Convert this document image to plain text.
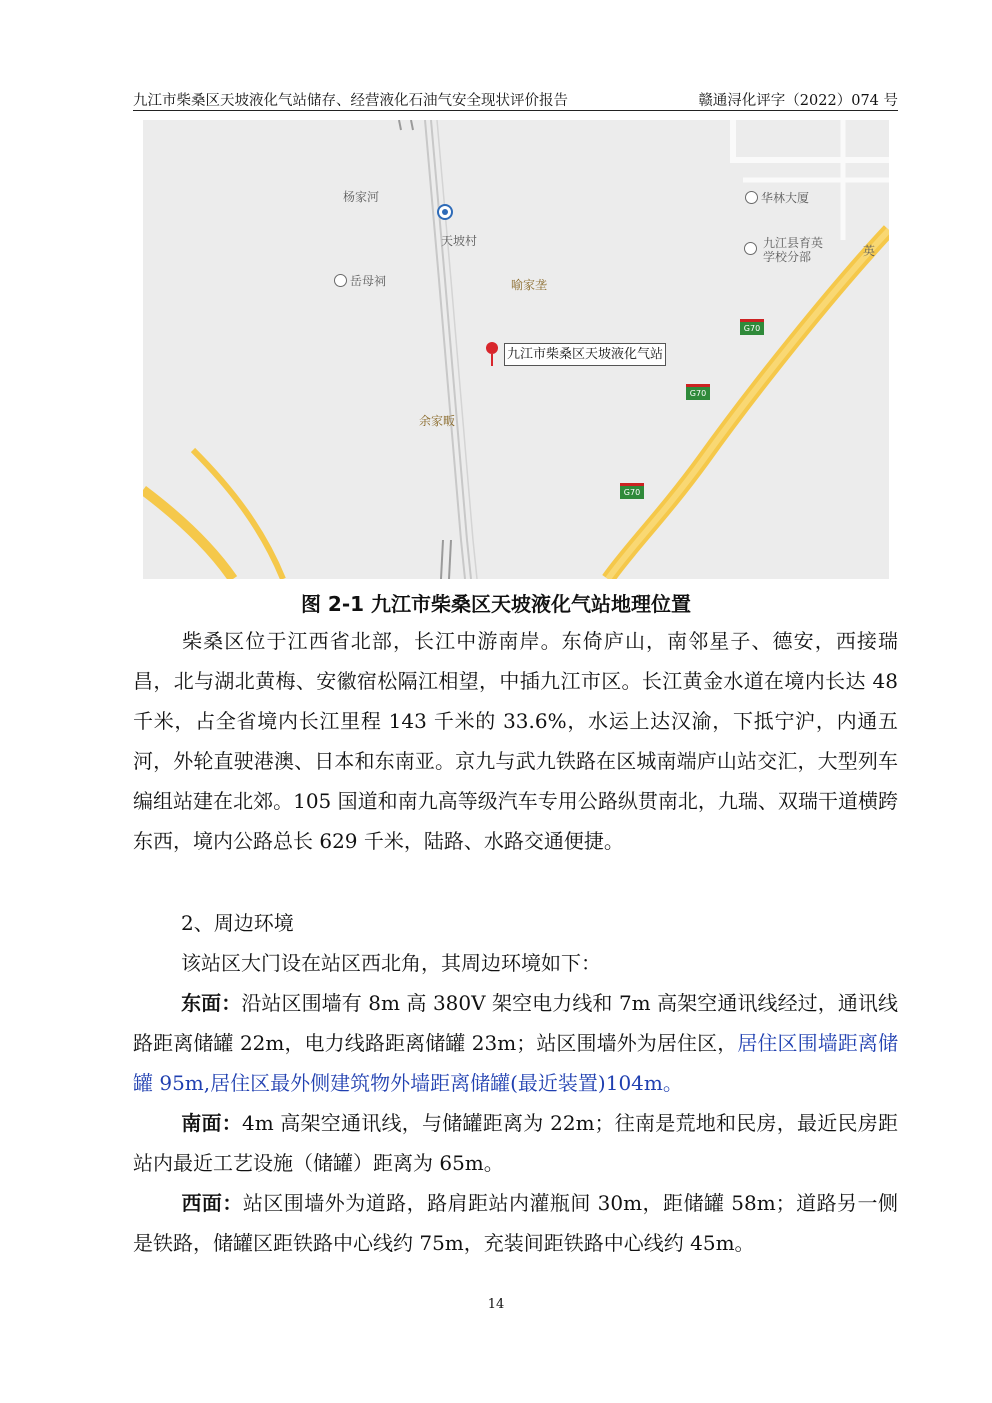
九江市柴桑区天坡液化气站储存、经营液化石油气安全现状评价报告	赣通浔化评字（2022）074 号
杨家河
天坡村
岳母祠	喻家垄
余家畈
华林大厦
九江县育英
学校分部	英
九江市柴桑区天坡液化气站
G70
G70
G70
图 2-1 九江市柴桑区天坡液化气站地理位置
柴桑区位于江西省北部，长江中游南岸。东倚庐山，南邻星子、德安，西接瑞昌，北与湖北黄梅、安徽宿松隔江相望，中插九江市区。长江黄金水道在境内长达 48 千米，占全省境内长江里程 143 千米的 33.6%，水运上达汉渝，下抵宁沪，内通五河，外轮直驶港澳、日本和东南亚。京九与武九铁路在区城南端庐山站交汇，大型列车编组站建在北郊。105 国道和南九高等级汽车专用公路纵贯南北，九瑞、双瑞干道横跨东西，境内公路总长 629 千米，陆路、水路交通便捷。
2、周边环境
该站区大门设在站区西北角，其周边环境如下：
东面：沿站区围墙有 8m 高 380V 架空电力线和 7m 高架空通讯线经过，通讯线路距离储罐 22m，电力线路距离储罐 23m；站区围墙外为居住区，居住区围墙距离储罐 95m,居住区最外侧建筑物外墙距离储罐(最近装置)104m。
南面：4m 高架空通讯线，与储罐距离为 22m；往南是荒地和民房，最近民房距站内最近工艺设施（储罐）距离为 65m。
西面：站区围墙外为道路，路肩距站内灌瓶间 30m，距储罐 58m；道路另一侧是铁路，储罐区距铁路中心线约 75m，充装间距铁路中心线约 45m。
14
